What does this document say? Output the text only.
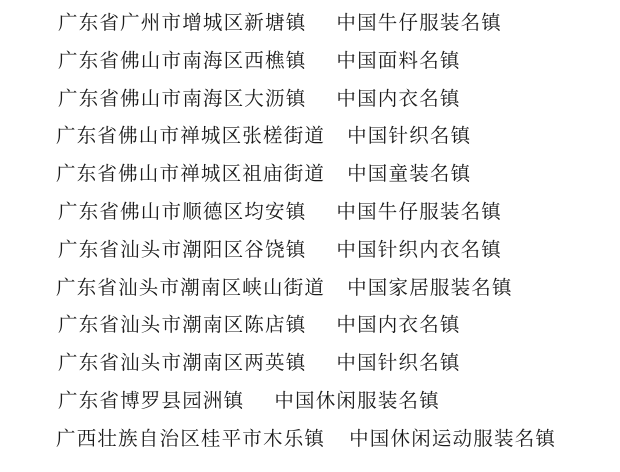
广东省广州市增城区新塘镇 中国牛仔服装名镇
广东省佛山市南海区西樵镇 中国面料名镇
广东省佛山市南海区大沥镇 中国内衣名镇
广东省佛山市禅城区张槎街道 中国针织名镇
广东省佛山市禅城区祖庙街道 中国童装名镇
广东省佛山市顺德区均安镇 中国牛仔服装名镇
广东省汕头市潮阳区谷饶镇 中国针织内衣名镇
广东省汕头市潮南区峡山街道 中国家居服装名镇
广东省汕头市潮南区陈店镇 中国内衣名镇
广东省汕头市潮南区两英镇 中国针织名镇
广东省博罗县园洲镇 中国休闲服装名镇
广西壮族自治区桂平市木乐镇 中国休闲运动服装名镇
